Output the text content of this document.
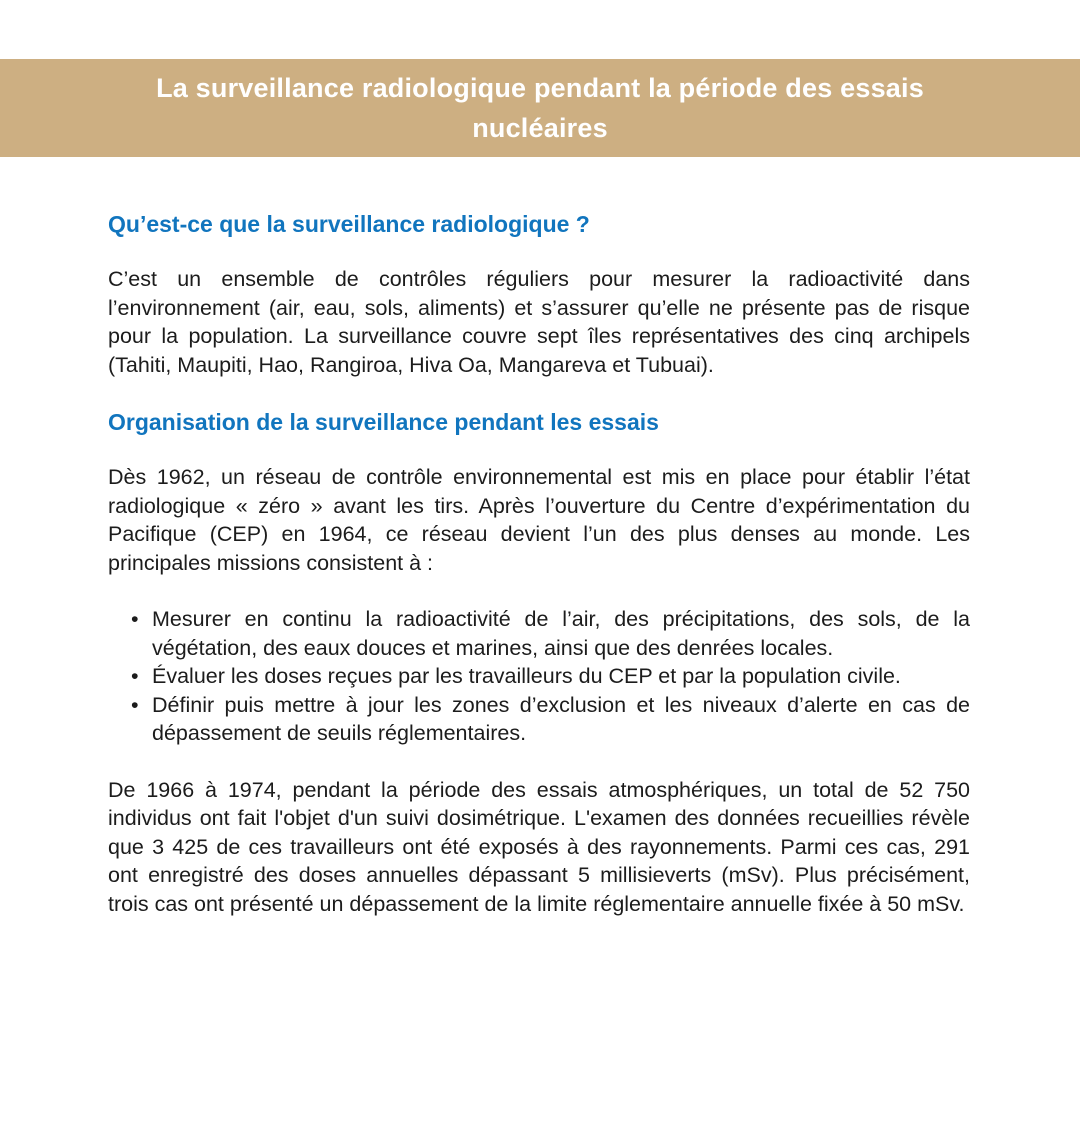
La surveillance radiologique pendant la période des essais nucléaires
Qu’est-ce que la surveillance radiologique ?

C’est un ensemble de contrôles réguliers pour mesurer la radioactivité dans l’environnement (air, eau, sols, aliments) et s’assurer qu’elle ne présente pas de risque pour la population. La surveillance couvre sept îles représentatives des cinq archipels (Tahiti, Maupiti, Hao, Rangiroa, Hiva Oa, Mangareva et Tubuai).

Organisation de la surveillance pendant les essais

Dès 1962, un réseau de contrôle environnemental est mis en place pour établir l’état radiologique « zéro » avant les tirs. Après l’ouverture du Centre d’expérimentation du Pacifique (CEP) en 1964, ce réseau devient l’un des plus denses au monde. Les principales missions consistent à :

• Mesurer en continu la radioactivité de l’air, des précipitations, des sols, de la végétation, des eaux douces et marines, ainsi que des denrées locales.
• Évaluer les doses reçues par les travailleurs du CEP et par la population civile.
• Définir puis mettre à jour les zones d’exclusion et les niveaux d’alerte en cas de dépassement de seuils réglementaires.

De 1966 à 1974, pendant la période des essais atmosphériques, un total de 52 750 individus ont fait l'objet d'un suivi dosimétrique. L'examen des données recueillies révèle que 3 425 de ces travailleurs ont été exposés à des rayonnements. Parmi ces cas, 291 ont enregistré des doses annuelles dépassant 5 millisieverts (mSv). Plus précisément, trois cas ont présenté un dépassement de la limite réglementaire annuelle fixée à 50 mSv.
